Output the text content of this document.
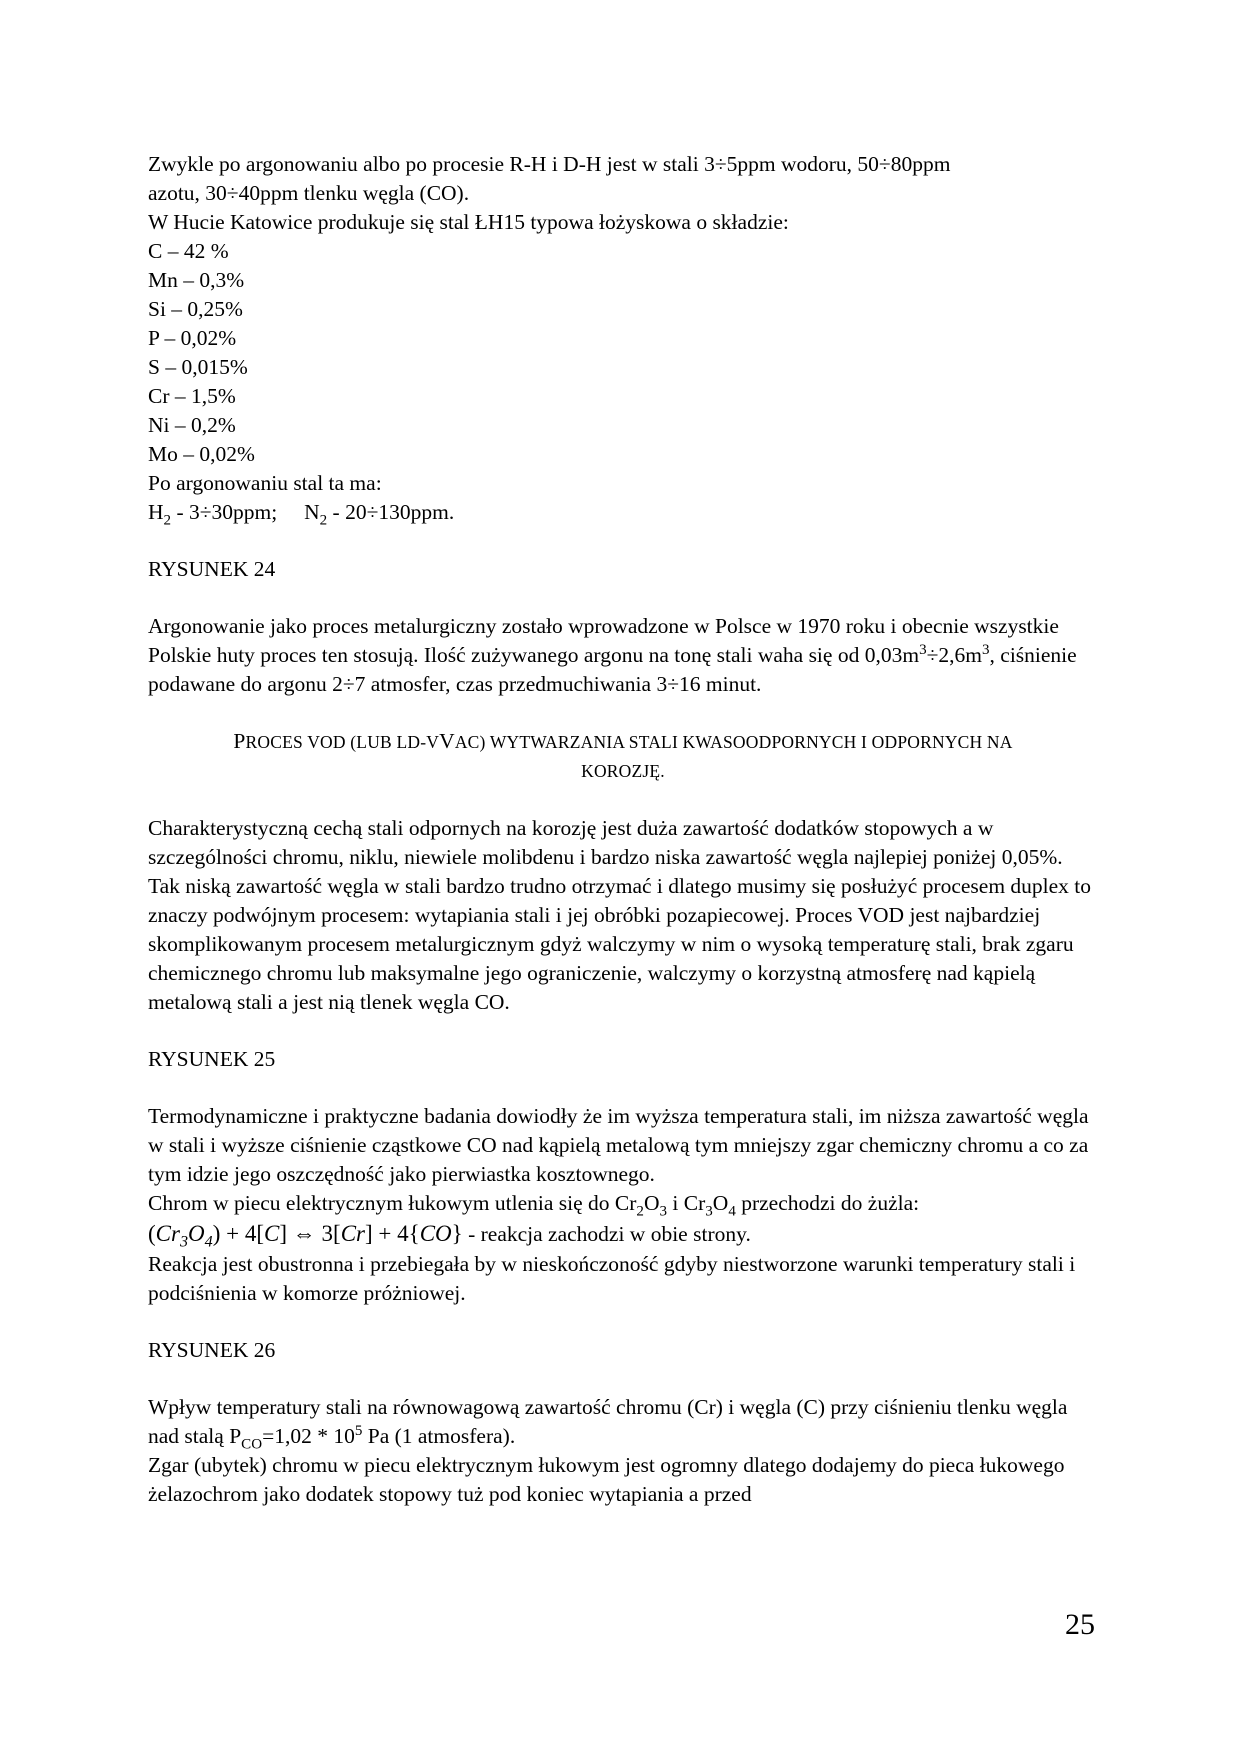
Zwykle po argonowaniu albo po procesie R-H i D-H jest w stali 3÷5ppm wodoru, 50÷80ppm
azotu, 30÷40ppm tlenku węgla (CO).

W Hucie Katowice produkuje się stal ŁH15 typowa łożyskowa o składzie:

C – 42 %

Mn – 0,3%

Si – 0,25%

P – 0,02%

S – 0,015%

Cr – 1,5%

Ni – 0,2%

Mo – 0,02%

Po argonowaniu stal ta ma:

$H_2 - 3\div 30ppm$; $N_2 - 20\div 130ppm$.

RYSUNEK 24

Argonowanie jako proces metalurgiczny zostało wprowadzone w Polsce w 1970 roku i obecnie wszystkie Polskie huty proces ten stosują. Ilość zużywanego argonu na tonę stali waha się od $0,03m^3\div 2,6m^3$, ciśnienie podawane do argonu 2÷7 atmosfer, czas przedmuchiwania 3÷16 minut.

PROCES VOD (LUB LD-VVAC) WYTWARZANIA STALI KWASOODPORNYCH I ODPORNYCH NA
KOROZJĘ.

Charakterystyczną cechą stali odpornych na korozję jest duża zawartość dodatków stopowych a w szczególności chromu, niklu, niewiele molibdenu i bardzo niska zawartość węgla najlepiej poniżej 0,05%. Tak niską zawartość węgla w stali bardzo trudno otrzymać i dlatego musimy się posłużyć procesem duplex to znaczy podwójnym procesem: wytapiania stali i jej obróbki pozapiecowej. Proces VOD jest najbardziej skomplikowanym procesem metalurgicznym gdyż walczymy w nim o wysoką temperaturę stali, brak zgaru chemicznego chromu lub maksymalne jego ograniczenie, walczymy o korzystną atmosferę nad kąpielą metalową stali a jest nią tlenek węgla CO.

RYSUNEK 25

Termodynamiczne i praktyczne badania dowiodły że im wyższa temperatura stali, im niższa zawartość węgla w stali i wyższe ciśnienie cząstkowe CO nad kąpielą metalową tym mniejszy zgar chemiczny chromu a co za tym idzie jego oszczędność jako pierwiastka kosztownego.

Chrom w piecu elektrycznym łukowym utlenia się do $Cr_2O_3$ i $Cr_3O_4$ przechodzi do żużla:

$(Cr_3O_4) + 4[C]$ ⇔ 3[Cr] + 4{CO} - reakcja zachodzi w obie strony.

Reakcja jest obustronna i przebiegała by w nieskończoność gdyby niestworzone warunki temperatury stali i podciśnienia w komorze próżniowej.

RYSUNEK 26

Wpływ temperatury stali na równowagową zawartość chromu (Cr) i węgla (C) przy ciśnieniu tlenku węgla nad stalą $P_{CO}=1,02 * 10^5$ Pa (1 atmosfera).

Zgar (ubytek) chromu w piecu elektrycznym łukowym jest ogromny dlatego dodajemy do pieca łukowego żelazochrom jako dodatek stopowy tuż pod koniec wytapiania a przed

25
